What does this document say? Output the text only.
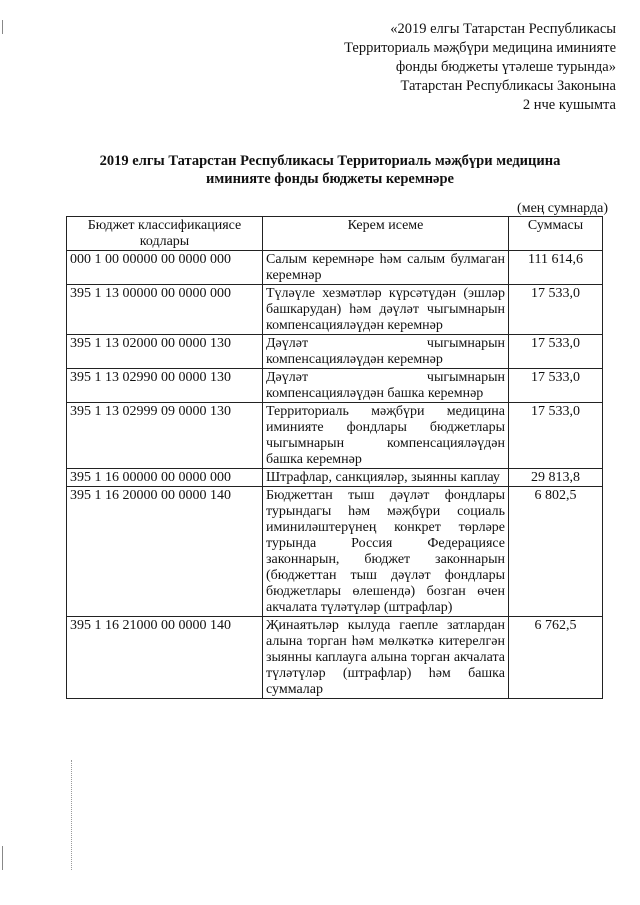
«2019 елгы Татарстан Республикасы
Территориаль мәҗбүри медицина иминияте
фонды бюджеты үтәлеше турында»
Татарстан Республикасы Законына
2 нче кушымта
2019 елгы Татарстан Республикасы Территориаль мәҗбүри медицина
иминияте фонды бюджеты керемнәре
(мең сумнарда)
Бюджет классификациясе кодлары	Керем исеме	Суммасы
000 1 00 00000 00 0000 000	Салым керемнәре һәм салым булмаган керемнәр	111 614,6
395 1 13 00000 00 0000 000	Түләүле хезмәтләр күрсәтүдән (эшләр башкарудан) һәм дәүләт чыгымнарын компенсацияләүдән керемнәр	17 533,0
395 1 13 02000 00 0000 130	Дәүләт чыгымнарын компенсацияләүдән керемнәр	17 533,0
395 1 13 02990 00 0000 130	Дәүләт чыгымнарын компенсацияләүдән башка керемнәр	17 533,0
395 1 13 02999 09 0000 130	Территориаль мәҗбүри медицина иминияте фондлары бюджетлары чыгымнарын компенсацияләүдән башка керемнәр	17 533,0
395 1 16 00000 00 0000 000	Штрафлар, санкцияләр, зыянны каплау	29 813,8
395 1 16 20000 00 0000 140	Бюджеттан тыш дәүләт фондлары турындагы һәм мәҗбүри социаль иминиләштерүнең конкрет төрләре турында Россия Федерациясе законнарын, бюджет законнарын (бюджеттан тыш дәүләт фондлары бюджетлары өлешендә) бозган өчен акчалата түләтүләр (штрафлар)	6 802,5
395 1 16 21000 00 0000 140	Җинаятьләр кылуда гаепле затлардан алына торган һәм мөлкәткә китерелгән зыянны каплауга алына торган акчалата түләтүләр (штрафлар) һәм башка суммалар	6 762,5
